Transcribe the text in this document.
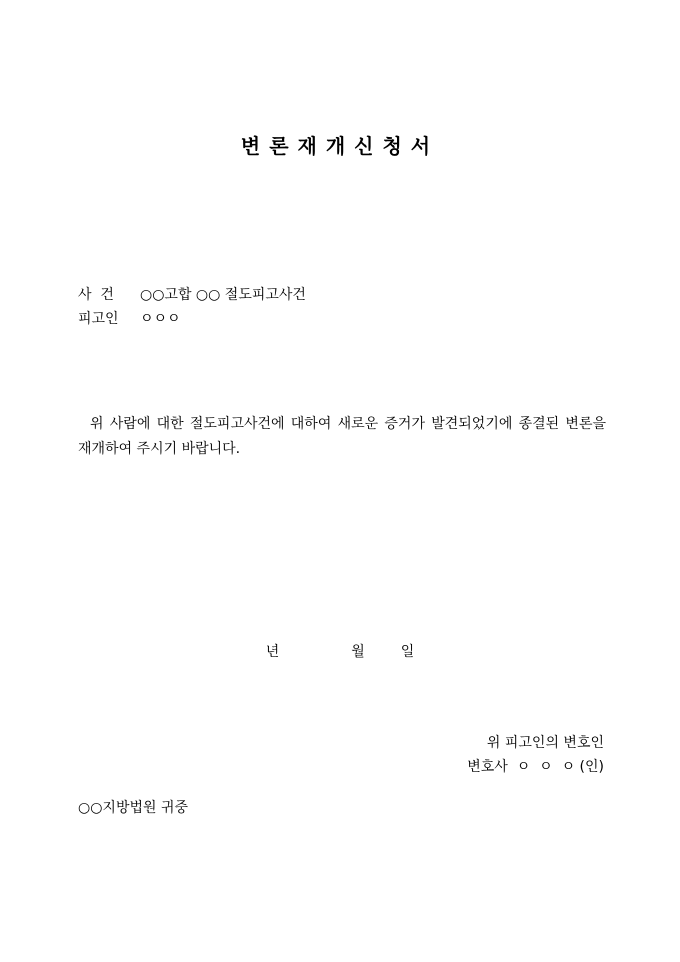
변론재개신청서
사  건 ○○고합 ○○ 절도피고사건
피고인 ㅇㅇㅇ
위 사람에 대한 절도피고사건에 대하여 새로운 증거가 발견되었기에 종결된 변론을 재개하여 주시기 바랍니다.
년	월	일
위 피고인의 변호인
변호사  ㅇ  ㅇ  ㅇ (인)
○○지방법원 귀중
